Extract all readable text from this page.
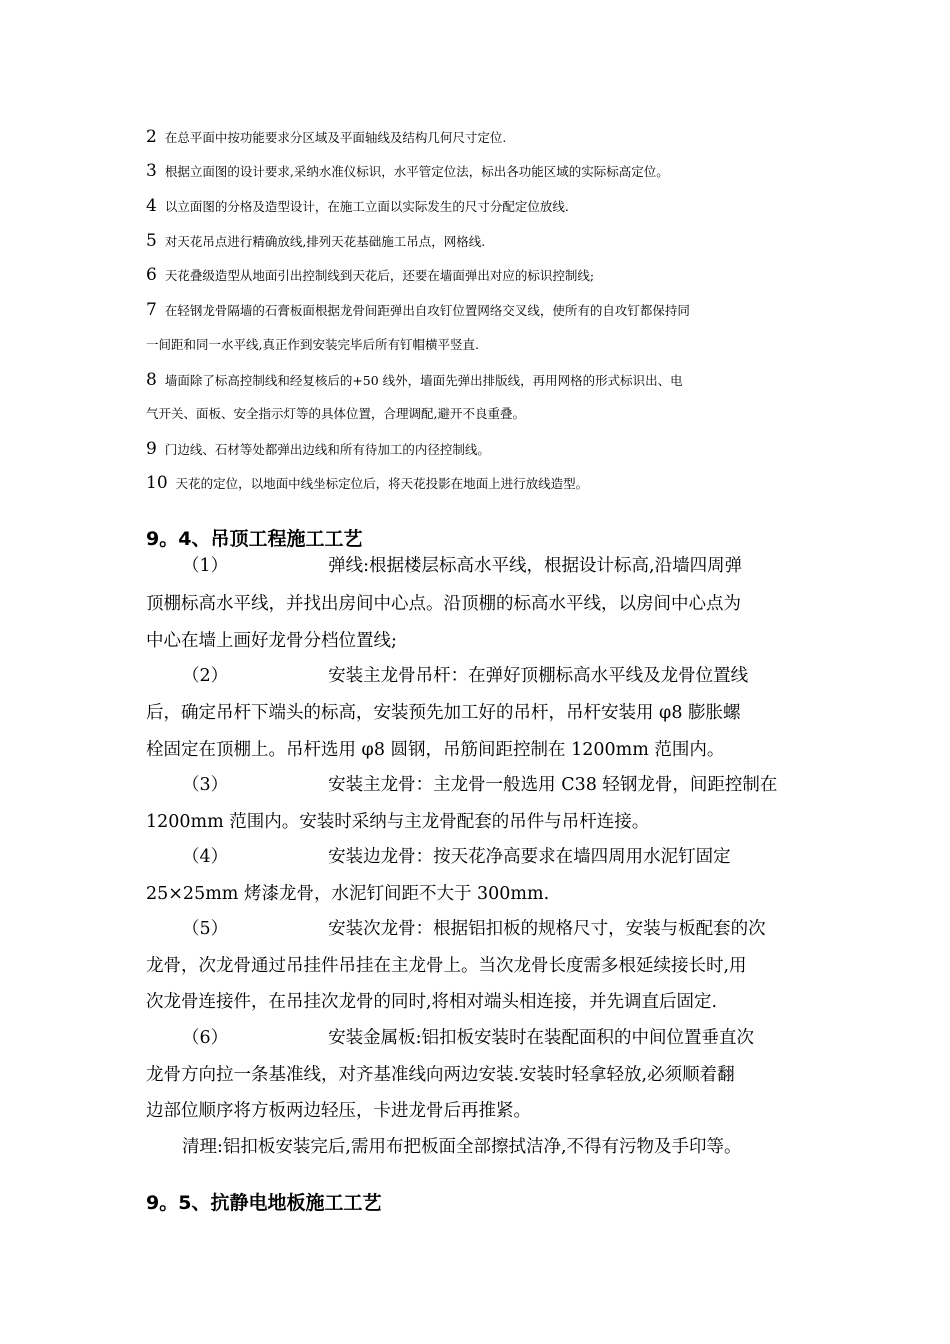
2 在总平面中按功能要求分区域及平面轴线及结构几何尺寸定位.
3 根据立面图的设计要求,采纳水准仪标识，水平管定位法，标出各功能区域的实际标高定位。
4 以立面图的分格及造型设计，在施工立面以实际发生的尺寸分配定位放线.
5 对天花吊点进行精确放线,排列天花基础施工吊点，网格线.
6 天花叠级造型从地面引出控制线到天花后，还要在墙面弹出对应的标识控制线;
7 在轻钢龙骨隔墙的石膏板面根据龙骨间距弹出自攻钉位置网络交叉线，使所有的自攻钉都保持同
一间距和同一水平线,真正作到安装完毕后所有钉帽横平竖直.
8 墙面除了标高控制线和经复核后的+50 线外，墙面先弹出排版线，再用网格的形式标识出、电
气开关、面板、安全指示灯等的具体位置，合理调配,避开不良重叠。
9 门边线、石材等处都弹出边线和所有待加工的内径控制线。
10 天花的定位，以地面中线坐标定位后，将天花投影在地面上进行放线造型。
9。4、吊顶工程施工工艺
（1）	弹线:根据楼层标高水平线，根据设计标高,沿墙四周弹
顶棚标高水平线，并找出房间中心点。沿顶棚的标高水平线，以房间中心点为
中心在墙上画好龙骨分档位置线;
（2）	安装主龙骨吊杆：在弹好顶棚标高水平线及龙骨位置线
后，确定吊杆下端头的标高，安装预先加工好的吊杆，吊杆安装用 φ8 膨胀螺
栓固定在顶棚上。吊杆选用 φ8 圆钢，吊筋间距控制在 1200mm 范围内。
（3）	安装主龙骨：主龙骨一般选用 C38 轻钢龙骨，间距控制在
1200mm 范围内。安装时采纳与主龙骨配套的吊件与吊杆连接。
（4）	安装边龙骨：按天花净高要求在墙四周用水泥钉固定
25×25mm 烤漆龙骨，水泥钉间距不大于 300mm.
（5）	安装次龙骨：根据铝扣板的规格尺寸，安装与板配套的次
龙骨，次龙骨通过吊挂件吊挂在主龙骨上。当次龙骨长度需多根延续接长时,用
次龙骨连接件，在吊挂次龙骨的同时,将相对端头相连接，并先调直后固定.
（6）	安装金属板:铝扣板安装时在装配面积的中间位置垂直次
龙骨方向拉一条基准线，对齐基准线向两边安装.安装时轻拿轻放,必须顺着翻
边部位顺序将方板两边轻压，卡进龙骨后再推紧。
清理:铝扣板安装完后,需用布把板面全部擦拭洁净,不得有污物及手印等。
9。5、抗静电地板施工工艺
